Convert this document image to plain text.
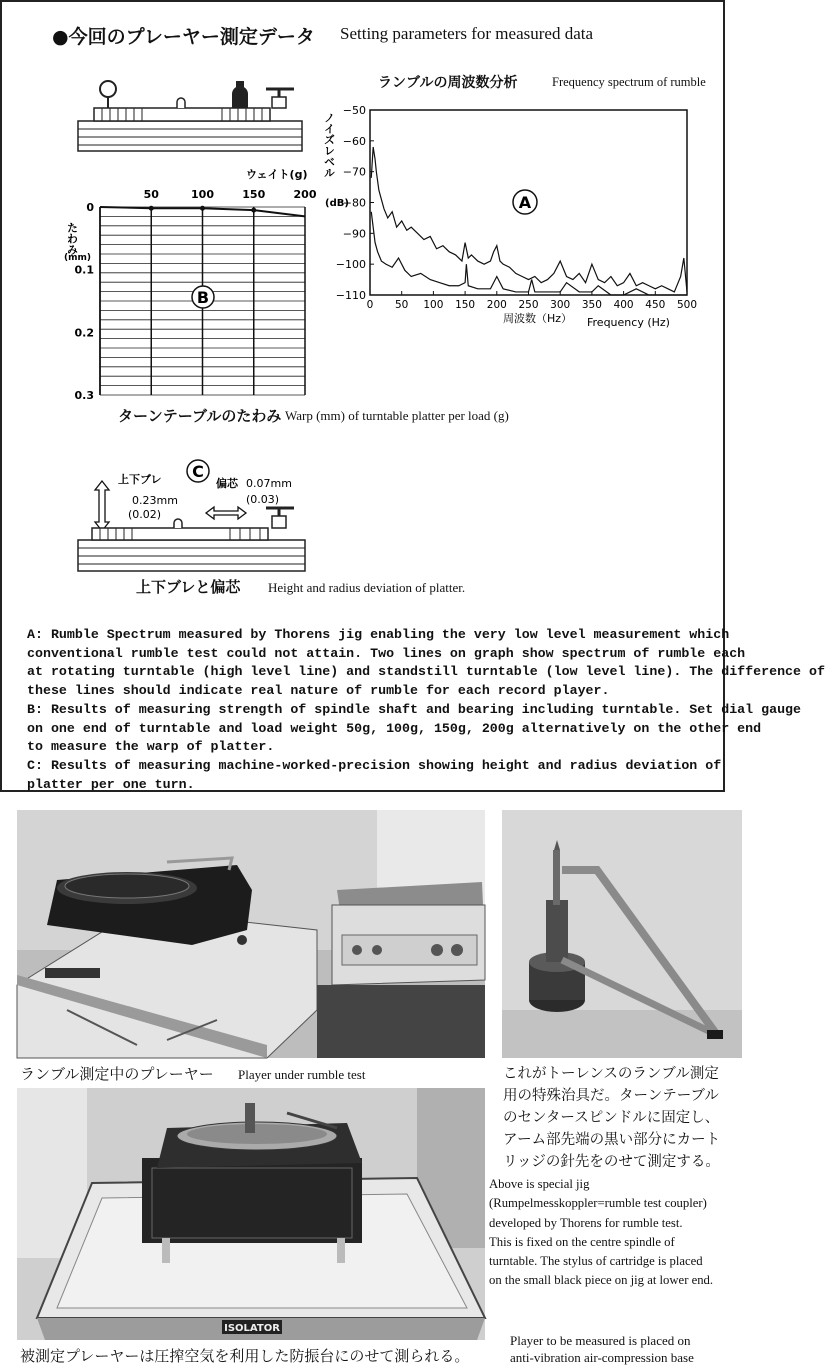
●今回のプレーヤー測定データ Setting parameters for measured data
ウェイト(g)
50	100	150	200
0
0.1
0.2
0.3
たわみ
(mm)
B
ターンテーブルのたわみ Warp (mm) of turntable platter per load (g)
ランブルの周波数分析	Frequency spectrum of rumble
ノイズレベル
(dB)
−50
−60
−70
−80
−90
−100
−110
0 50 100 150 200 250 300 350 400 450 500
A
周波数（Hz） Frequency (Hz)
C
上下ブレ
0.23mm
(0.02)
偏芯 0.07mm
(0.03)
上下ブレと偏芯 Height and radius deviation of platter.

A: Rumble Spectrum measured by Thorens jig enabling the very low level measurement which

conventional rumble test could not attain. Two lines on graph show spectrum of rumble each

at rotating turntable (high level line) and standstill turntable (low level line). The difference of

these lines should indicate real nature of rumble for each record player.

B: Results of measuring strength of spindle shaft and bearing including turntable. Set dial gauge

on one end of turntable and load weight 50g, 100g, 150g, 200g alternatively on the other end

to measure the warp of platter.

C: Results of measuring machine-worked-precision showing height and radius deviation of

platter per one turn.

ランブル測定中のプレーヤー Player under rumble test	これがトーレンスのランブル測定
用の特殊治具だ。ターンテーブル
のセンタースピンドルに固定し、
アーム部先端の黒い部分にカート
リッジの針先をのせて測定する。
Above is special jig
(Rumpelmesskoppler=rumble test coupler)
developed by Thorens for rumble test.
This is fixed on the centre spindle of
turntable. The stylus of cartridge is placed
on the small black piece on jig at lower end.
ISOLATOR
被測定プレーヤーは圧搾空気を利用した防振台にのせて測られる。
Player to be measured is placed on
anti-vibration air-compression base
